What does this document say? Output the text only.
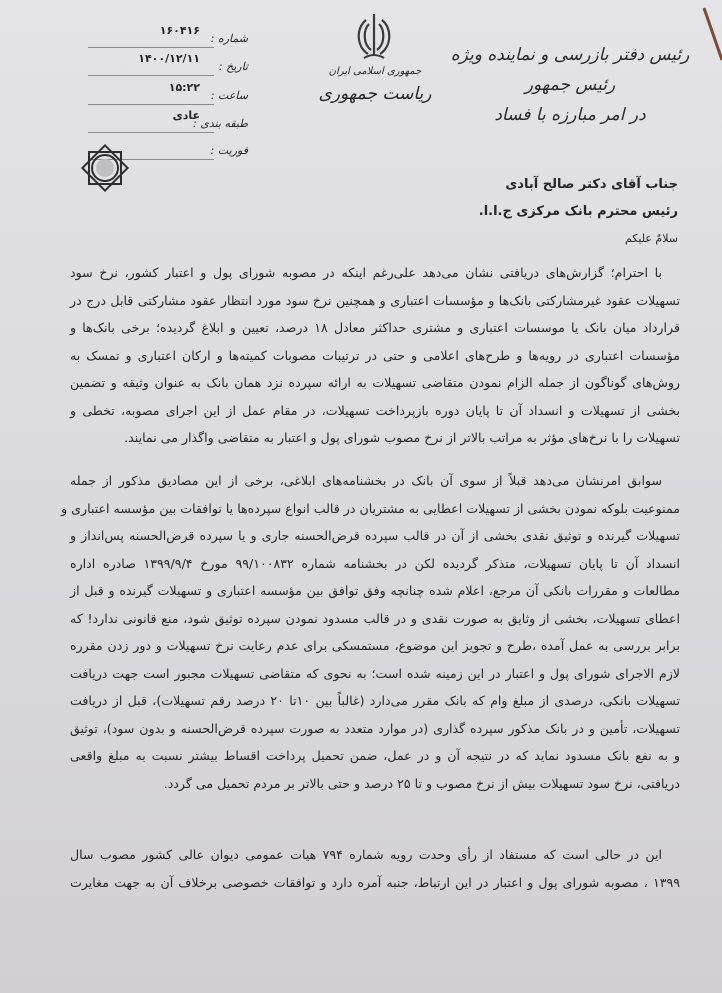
رئیس دفتر بازرسی و نماینده ویژه رئیس جمهور
در امر مبارزه با فساد
جمهوری اسلامی ایران
ریاست جمهوری
شماره :
۱۶۰۴۱۶
تاریخ :
۱۴۰۰/۱۲/۱۱
ساعت :
۱۵:۲۲
طبقه بندی :
عادی
فوریت :
جناب آقای دکتر صالح آبادی
رئیس محترم بانک مرکزی ج.ا.ا.
سلامٌ علیکم
با احترام؛ گزارش‌های دریافتی نشان می‌دهد علی‌رغم اینکه در مصوبه شورای پول و اعتبار کشور، نرخ سود
تسهیلات عقود غیرمشارکتی بانک‌ها و مؤسسات اعتباری و همچنین نرخ سود مورد انتظار عقود مشارکتی قابل درج در
قرارداد میان بانک یا موسسات اعتباری و مشتری حداکثر معادل ۱۸ درصد، تعیین و ابلاغ گردیده؛ برخی بانک‌ها و
مؤسسات اعتباری در رویه‌ها و طرح‌های اعلامی و حتی در ترتیبات مصوبات کمیته‌ها و ارکان اعتباری و تمسک به
روش‌های گوناگون از جمله الزام نمودن متقاضی تسهیلات به ارائه سپرده نزد همان بانک به عنوان وثیقه و تضمین
بخشی از تسهیلات و انسداد آن تا پایان دوره بازپرداخت تسهیلات، در مقام عمل از این اجرای مصوبه، تخطی و
تسهیلات را با نرخ‌های مؤثر به مراتب بالاتر از نرخ مصوب شورای پول و اعتبار به متقاضی واگذار می نمایند.
سوابق امرنشان می‌دهد قبلاً از سوی آن بانک در بخشنامه‌های ابلاغی، برخی از این مصادیق مذکور از جمله
ممنوعیت بلوکه نمودن بخشی از تسهیلات اعطایی به مشتریان در قالب انواع سپرده‌ها یا توافقات بین مؤسسه اعتباری و
تسهیلات گیرنده و توثیق نقدی بخشی از آن در قالب سپرده قرض‌الحسنه جاری و یا سپرده قرض‌الحسنه پس‌انداز و
انسداد آن تا پایان تسهیلات، متذکر گردیده لکن در بخشنامه شماره ۹۹/۱۰۰۸۳۲ مورخ ۱۳۹۹/۹/۴ صادره اداره
مطالعات و مقررات بانکی آن مرجع، اعلام شده چنانچه وفق توافق بین مؤسسه اعتباری و تسهیلات گیرنده و قبل از
اعطای تسهیلات، بخشی از وثایق به صورت نقدی و در قالب مسدود نمودن سپرده توثیق شود، منع قانونی ندارد! که
برابر بررسی به عمل آمده ،طرح و تجویز این موضوع، مستمسکی برای عدم رعایت نرخ تسهیلات و دور زدن مقرره
لازم الاجرای شورای پول و اعتبار در این زمینه شده است؛ به نحوی که متقاضی تسهیلات مجبور است جهت دریافت
تسهیلات بانکی، درصدی از مبلغ وام که بانک مقرر می‌دارد (غالباً بین ۱۰تا ۲۰ درصد رقم تسهیلات)، قبل از دریافت
تسهیلات، تأمین و در بانک مذکور سپرده گذاری (در موارد متعدد به صورت سپرده قرض‌الحسنه و بدون سود)، توثیق
و به نفع بانک مسدود نماید که در نتیجه آن و در عمل، ضمن تحمیل پرداخت اقساط بیشتر نسبت به مبلغ واقعی
دریافتی، نرخ سود تسهیلات بیش از نرخ مصوب و تا ۲۵ درصد و حتی بالاتر بر مردم تحمیل می گردد.
این در حالی است که مستفاد از رأی وحدت رویه شماره ۷۹۴ هیات عمومی دیوان عالی کشور مصوب سال
۱۳۹۹ ، مصوبه شورای پول و اعتبار در این ارتباط، جنبه آمره دارد و توافقات خصوصی برخلاف آن به جهت مغایرت
